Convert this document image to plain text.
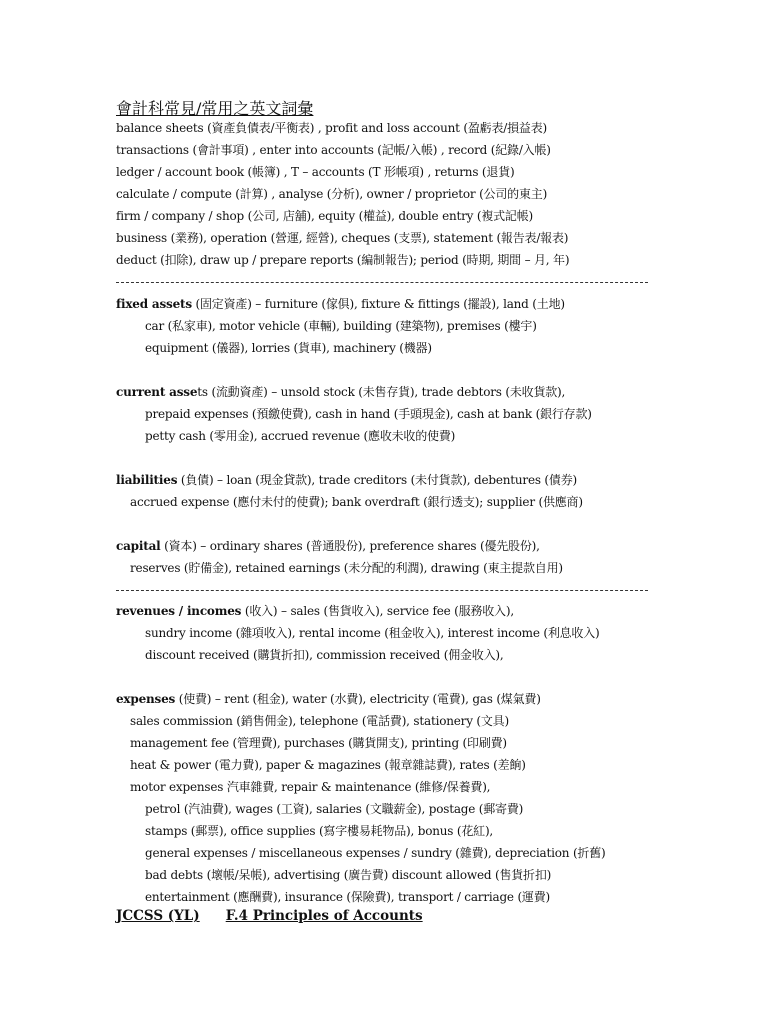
會計科常見/常用之英文詞彙
balance sheets (資產負債表/平衡表) , profit and loss account (盈虧表/損益表)
transactions (會計事項) , enter into accounts (記帳/入帳) , record (紀錄/入帳)
ledger / account book (帳簿) , T – accounts (T 形帳項) , returns (退貨)
calculate / compute (計算) , analyse (分析), owner / proprietor (公司的東主)
firm / company / shop (公司, 店舖), equity (權益), double entry (複式記帳)
business (業務), operation (營運, 經營), cheques (支票), statement (報告表/報表)
deduct (扣除), draw up / prepare reports (編制報告); period (時期, 期間 – 月, 年)
fixed assets (固定資產) – furniture (傢俱), fixture & fittings (擺設), land (土地)
car (私家車), motor vehicle (車輛), building (建築物), premises (樓宇)
equipment (儀器), lorries (貨車), machinery (機器)
current assets (流動資產) – unsold stock (未售存貨), trade debtors (未收貨款),
prepaid expenses (預繳使費), cash in hand (手頭現金), cash at bank (銀行存款)
petty cash (零用金), accrued revenue (應收未收的使費)
liabilities (負債) – loan (現金貸款), trade creditors (未付貨款), debentures (債券)
accrued expense (應付未付的使費); bank overdraft (銀行透支); supplier (供應商)
capital (資本) – ordinary shares (普通股份), preference shares (優先股份),
reserves (貯備金), retained earnings (未分配的利潤), drawing (東主提款自用)
revenues / incomes (收入) – sales (售貨收入), service fee (服務收入),
sundry income (雜項收入), rental income (租金收入), interest income (利息收入)
discount received (購貨折扣), commission received (佣金收入),
expenses (使費) – rent (租金), water (水費), electricity (電費), gas (煤氣費)
sales commission (銷售佣金), telephone (電話費), stationery (文具)
management fee (管理費), purchases (購貨開支), printing (印刷費)
heat & power (電力費), paper & magazines (報章雜誌費), rates (差餉)
motor expenses 汽車雜費, repair & maintenance (維修/保養費),
petrol (汽油費), wages (工資), salaries (文職薪金), postage (郵寄費)
stamps (郵票), office supplies (寫字樓易耗物品), bonus (花紅),
general expenses / miscellaneous expenses / sundry (雜費), depreciation (折舊)
bad debts (壞帳/呆帳), advertising (廣告費) discount allowed (售貨折扣)
entertainment (應酬費), insurance (保險費), transport / carriage (運費)
JCCSS (YL) F.4 Principles of Accounts
